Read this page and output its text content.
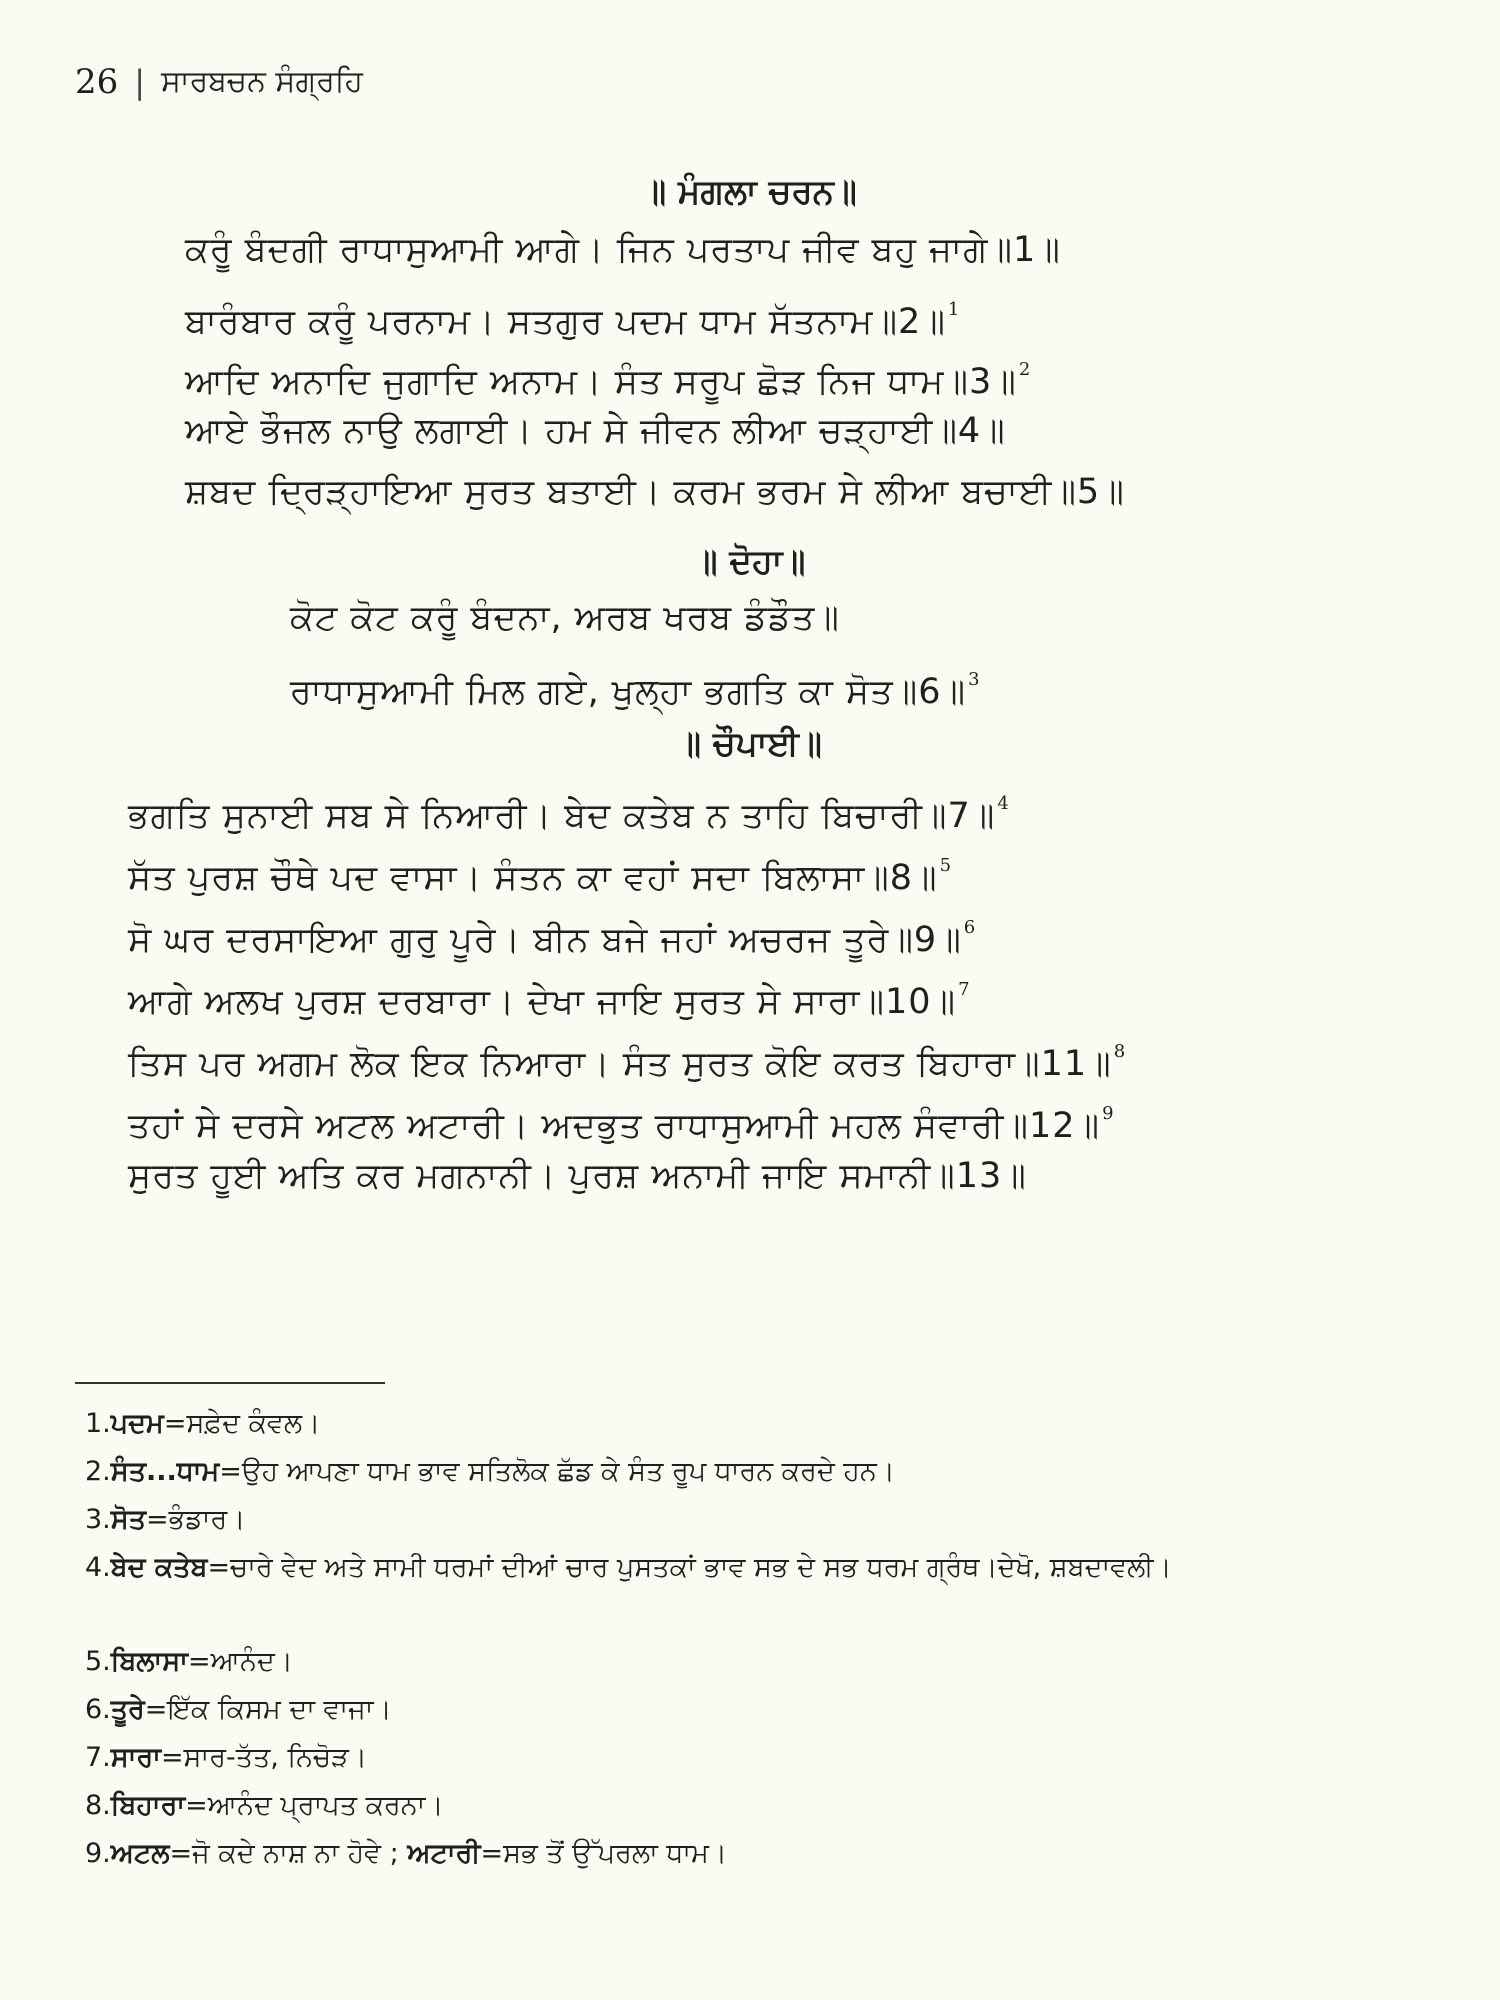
26 | ਸਾਰਬਚਨ ਸੰਗ੍ਰਹਿ
॥ ਮੰਗਲਾ ਚਰਨ॥
ਕਰੂੰ ਬੰਦਗੀ ਰਾਧਾਸੁਆਮੀ ਆਗੇ। ਜਿਨ ਪਰਤਾਪ ਜੀਵ ਬਹੁ ਜਾਗੇ॥1॥
ਬਾਰੰਬਾਰ ਕਰੂੰ ਪਰਨਾਮ। ਸਤਗੁਰ ਪਦਮ ਧਾਮ ਸੱਤਨਾਮ॥2॥ $^1$
ਆਦਿ ਅਨਾਦਿ ਜੁਗਾਦਿ ਅਨਾਮ। ਸੰਤ ਸਰੂਪ ਛੋੜ ਨਿਜ ਧਾਮ॥3॥ $^2$
ਆਏ ਭੌਜਲ ਨਾਉ ਲਗਾਈ। ਹਮ ਸੇ ਜੀਵਨ ਲੀਆ ਚੜ੍ਹਾਈ॥4॥
ਸ਼ਬਦ ਦ੍ਰਿੜ੍ਹਾਇਆ ਸੁਰਤ ਬਤਾਈ। ਕਰਮ ਭਰਮ ਸੇ ਲੀਆ ਬਚਾਈ॥5॥
॥ ਦੋਹਾ॥
ਕੋਟ ਕੋਟ ਕਰੂੰ ਬੰਦਨਾ, ਅਰਬ ਖਰਬ ਡੰਡੌਤ॥
ਰਾਧਾਸੁਆਮੀ ਮਿਲ ਗਏ, ਖੁਲ੍ਹਾ ਭਗਤਿ ਕਾ ਸੋਤ॥6॥ $^3$
॥ ਚੌਪਾਈ॥
ਭਗਤਿ ਸੁਨਾਈ ਸਬ ਸੇ ਨਿਆਰੀ। ਬੇਦ ਕਤੇਬ ਨ ਤਾਹਿ ਬਿਚਾਰੀ॥7॥ $^4$
ਸੱਤ ਪੁਰਸ਼ ਚੌਥੇ ਪਦ ਵਾਸਾ। ਸੰਤਨ ਕਾ ਵਹਾਂ ਸਦਾ ਬਿਲਾਸਾ॥8॥ $^5$
ਸੋ ਘਰ ਦਰਸਾਇਆ ਗੁਰੁ ਪੂਰੇ। ਬੀਨ ਬਜੇ ਜਹਾਂ ਅਚਰਜ ਤੂਰੇ॥9॥ $^6$
ਆਗੇ ਅਲਖ ਪੁਰਸ਼ ਦਰਬਾਰਾ। ਦੇਖਾ ਜਾਇ ਸੁਰਤ ਸੇ ਸਾਰਾ॥10॥ $^7$
ਤਿਸ ਪਰ ਅਗਮ ਲੋਕ ਇਕ ਨਿਆਰਾ। ਸੰਤ ਸੁਰਤ ਕੋਇ ਕਰਤ ਬਿਹਾਰਾ॥11॥ $^8$
ਤਹਾਂ ਸੇ ਦਰਸੇ ਅਟਲ ਅਟਾਰੀ। ਅਦਭੁਤ ਰਾਧਾਸੁਆਮੀ ਮਹਲ ਸੰਵਾਰੀ॥12॥ $^9$
ਸੁਰਤ ਹੂਈ ਅਤਿ ਕਰ ਮਗਨਾਨੀ। ਪੁਰਸ਼ ਅਨਾਮੀ ਜਾਇ ਸਮਾਨੀ॥13॥
1.ਪਦਮ=ਸਫ਼ੇਦ ਕੰਵਲ।
2.ਸੰਤ...ਧਾਮ=ਉਹ ਆਪਣਾ ਧਾਮ ਭਾਵ ਸਤਿਲੋਕ ਛੱਡ ਕੇ ਸੰਤ ਰੂਪ ਧਾਰਨ ਕਰਦੇ ਹਨ।
3.ਸੋਤ=ਭੰਡਾਰ।
4.ਬੇਦ ਕਤੇਬ=ਚਾਰੇ ਵੇਦ ਅਤੇ ਸਾਮੀ ਧਰਮਾਂ ਦੀਆਂ ਚਾਰ ਪੁਸਤਕਾਂ ਭਾਵ ਸਭ ਦੇ ਸਭ ਧਰਮ ਗ੍ਰੰਥ।ਦੇਖੋ, ਸ਼ਬਦਾਵਲੀ।
5.ਬਿਲਾਸਾ=ਆਨੰਦ।
6.ਤੂਰੇ=ਇੱਕ ਕਿਸਮ ਦਾ ਵਾਜਾ।
7.ਸਾਰਾ=ਸਾਰ-ਤੱਤ, ਨਿਚੋੜ।
8.ਬਿਹਾਰਾ=ਆਨੰਦ ਪ੍ਰਾਪਤ ਕਰਨਾ।
9.ਅਟਲ=ਜੋ ਕਦੇ ਨਾਸ਼ ਨਾ ਹੋਵੇ ; ਅਟਾਰੀ=ਸਭ ਤੋਂ ਉੱਪਰਲਾ ਧਾਮ।
